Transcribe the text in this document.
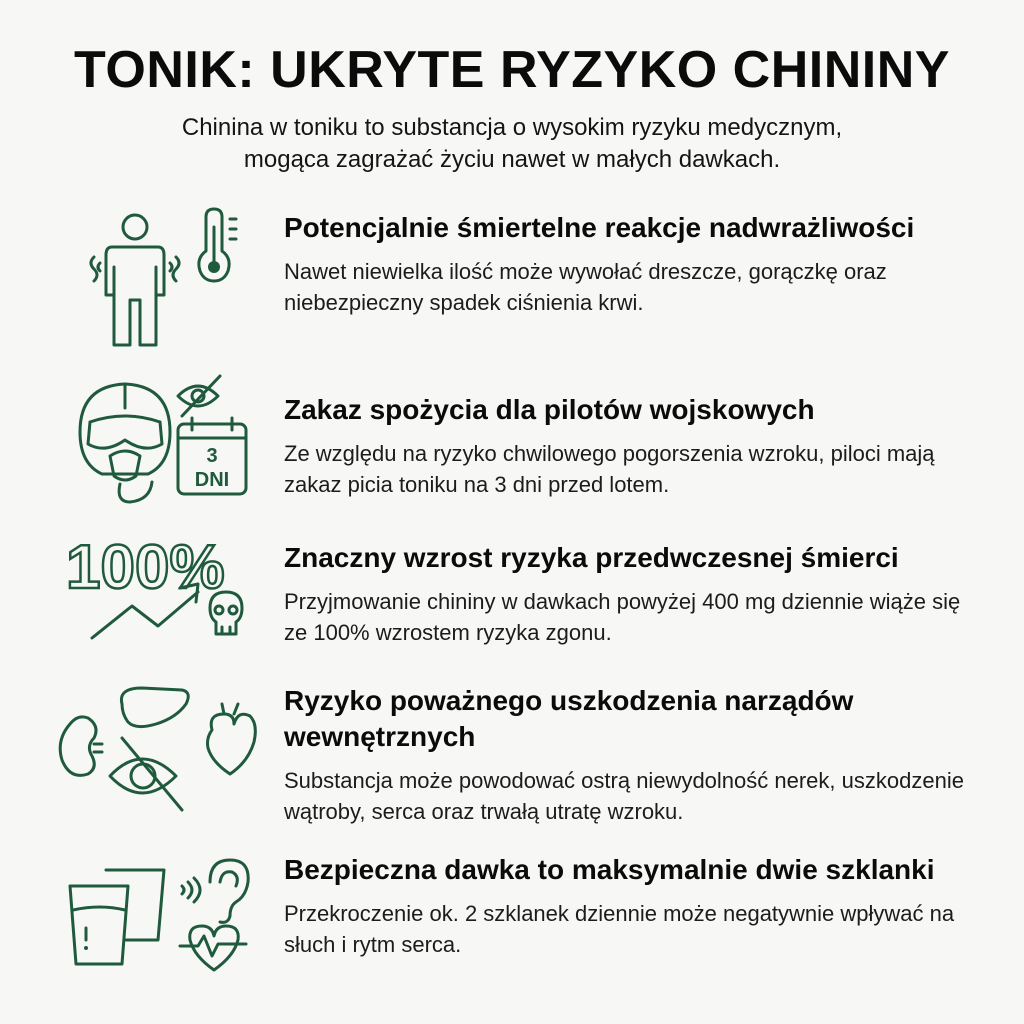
TONIK: UKRYTE RYZYKO CHININY
Chinina w toniku to substancja o wysokim ryzyku medycznym,
mogąca zagrażać życiu nawet w małych dawkach.
Potencjalnie śmiertelne reakcje nadwrażliwości
Nawet niewielka ilość może wywołać dreszcze, gorączkę oraz niebezpieczny spadek ciśnienia krwi.
3
DNI
Zakaz spożycia dla pilotów wojskowych
Ze względu na ryzyko chwilowego pogorszenia wzroku, piloci mają zakaz picia toniku na 3 dni przed lotem.
100% Znaczny wzrost ryzyka przedwczesnej śmierci
Przyjmowanie chininy w dawkach powyżej 400 mg dziennie wiąże się ze 100% wzrostem ryzyka zgonu.
Ryzyko poważnego uszkodzenia narządów wewnętrznych
Substancja może powodować ostrą niewydolność nerek, uszkodzenie wątroby, serca oraz trwałą utratę wzroku.
Bezpieczna dawka to maksymalnie dwie szklanki
Przekroczenie ok. 2 szklanek dziennie może negatywnie wpływać na słuch i rytm serca.
